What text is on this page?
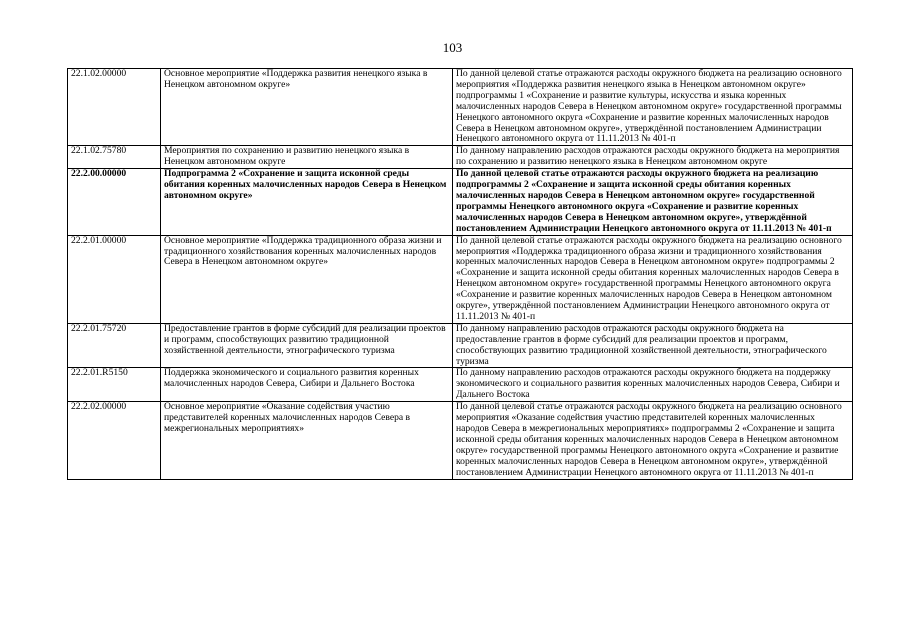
103
22.1.02.00000	Основное мероприятие «Поддержка развития ненецкого языка в Ненецком автономном округе»	По данной целевой статье отражаются расходы окружного бюджета на реализацию основного мероприятия «Поддержка развития ненецкого языка в Ненецком автономном округе» подпрограммы 1 «Сохранение и развитие культуры, искусства и языка коренных малочисленных народов Севера в Ненецком автономном округе» государственной программы Ненецкого автономного округа «Сохранение и развитие коренных малочисленных народов Севера в Ненецком автономном округе», утверждённой постановлением Администрации Ненецкого автономного округа от 11.11.2013 № 401-п
22.1.02.75780	Мероприятия по сохранению и развитию ненецкого языка в Ненецком автономном округе	По данному направлению расходов отражаются расходы окружного бюджета на мероприятия по сохранению и развитию ненецкого языка в Ненецком автономном округе
22.2.00.00000	Подпрограмма 2 «Сохранение и защита исконной среды обитания коренных малочисленных народов Севера в Ненецком автономном округе»	По данной целевой статье отражаются расходы окружного бюджета на реализацию подпрограммы 2 «Сохранение и защита исконной среды обитания коренных малочисленных народов Севера в Ненецком автономном округе» государственной программы Ненецкого автономного округа «Сохранение и развитие коренных малочисленных народов Севера в Ненецком автономном округе», утверждённой постановлением Администрации Ненецкого автономного округа от 11.11.2013 № 401-п
22.2.01.00000	Основное мероприятие «Поддержка традиционного образа жизни и традиционного хозяйствования коренных малочисленных народов Севера в Ненецком автономном округе»	По данной целевой статье отражаются расходы окружного бюджета на реализацию основного мероприятия «Поддержка традиционного образа жизни и традиционного хозяйствования коренных малочисленных народов Севера в Ненецком автономном округе» подпрограммы 2 «Сохранение и защита исконной среды обитания коренных малочисленных народов Севера в Ненецком автономном округе» государственной программы Ненецкого автономного округа «Сохранение и развитие коренных малочисленных народов Севера в Ненецком автономном округе», утверждённой постановлением Администрации Ненецкого автономного округа от 11.11.2013 № 401-п
22.2.01.75720	Предоставление грантов в форме субсидий для реализации проектов и программ, способствующих развитию традиционной хозяйственной деятельности, этнографического туризма	По данному направлению расходов отражаются расходы окружного бюджета на предоставление грантов в форме субсидий для реализации проектов и программ, способствующих развитию традиционной хозяйственной деятельности, этнографического туризма
22.2.01.R5150	Поддержка экономического и социального развития коренных малочисленных народов Севера, Сибири и Дальнего Востока	По данному направлению расходов отражаются расходы окружного бюджета на поддержку экономического и социального развития коренных малочисленных народов Севера, Сибири и Дальнего Востока
22.2.02.00000	Основное мероприятие «Оказание содействия участию представителей коренных малочисленных народов Севера в межрегиональных мероприятиях»	По данной целевой статье отражаются расходы окружного бюджета на реализацию основного мероприятия «Оказание содействия участию представителей коренных малочисленных народов Севера в межрегиональных мероприятиях» подпрограммы 2 «Сохранение и защита исконной среды обитания коренных малочисленных народов Севера в Ненецком автономном округе» государственной программы Ненецкого автономного округа «Сохранение и развитие коренных малочисленных народов Севера в Ненецком автономном округе», утверждённой постановлением Администрации Ненецкого автономного округа от 11.11.2013 № 401-п
